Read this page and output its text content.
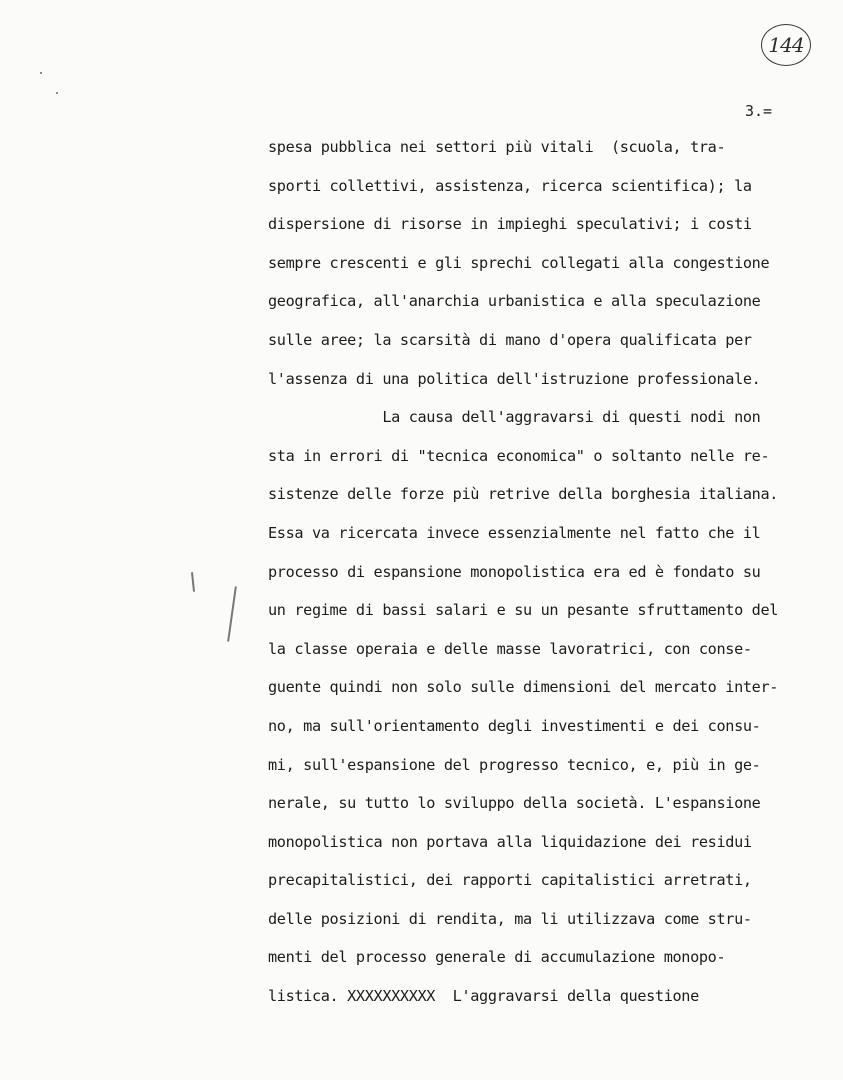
144
3.=
spesa pubblica nei settori più vitali  (scuola, tra-
sporti collettivi, assistenza, ricerca scientifica); la
dispersione di risorse in impieghi speculativi; i costi
sempre crescenti e gli sprechi collegati alla congestione
geografica, all'anarchia urbanistica e alla speculazione
sulle aree; la scarsità di mano d'opera qualificata per
l'assenza di una politica dell'istruzione professionale.
La causa dell'aggravarsi di questi nodi non
sta in errori di "tecnica economica" o soltanto nelle re-
sistenze delle forze più retrive della borghesia italiana.
Essa va ricercata invece essenzialmente nel fatto che il
processo di espansione monopolistica era ed è fondato su
un regime di bassi salari e su un pesante sfruttamento del
la classe operaia e delle masse lavoratrici, con conse-
guente quindi non solo sulle dimensioni del mercato inter-
no, ma sull'orientamento degli investimenti e dei consu-
mi, sull'espansione del progresso tecnico, e, più in ge-
nerale, su tutto lo sviluppo della società. L'espansione
monopolistica non portava alla liquidazione dei residui
precapitalistici, dei rapporti capitalistici arretrati,
delle posizioni di rendita, ma li utilizzava come stru-
menti del processo generale di accumulazione monopo-
listica. XXXXXXXXXX  L'aggravarsi della questione
